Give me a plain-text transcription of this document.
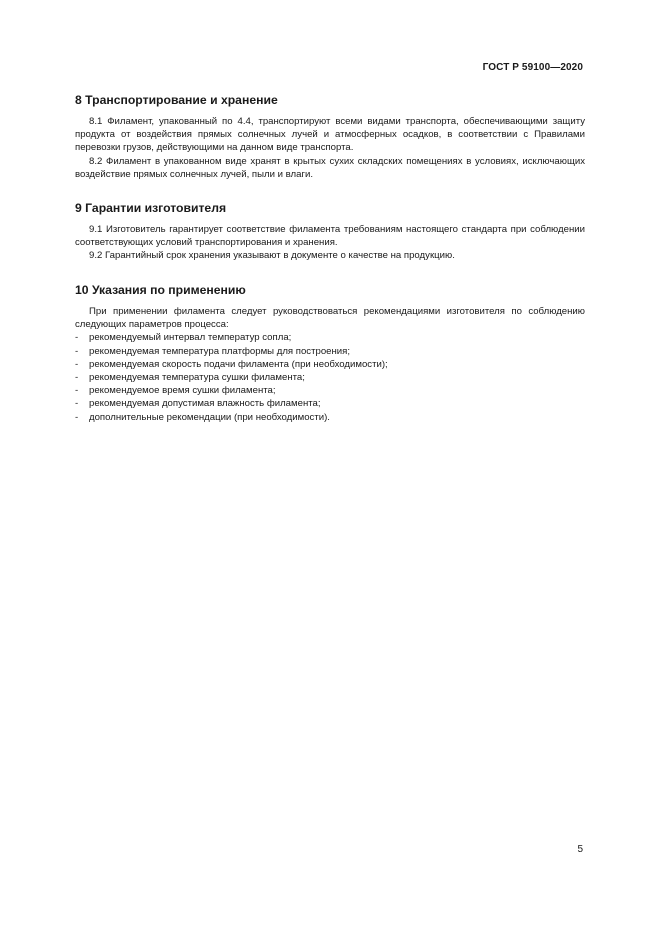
ГОСТ Р 59100—2020
8 Транспортирование и хранение

8.1 Филамент, упакованный по 4.4, транспортируют всеми видами транспорта, обеспечивающими защиту продукта от воздействия прямых солнечных лучей и атмосферных осадков, в соответствии с Правилами перевозки грузов, действующими на данном виде транспорта.

8.2 Филамент в упакованном виде хранят в крытых сухих складских помещениях в условиях, исключающих воздействие прямых солнечных лучей, пыли и влаги.

9 Гарантии изготовителя

9.1 Изготовитель гарантирует соответствие филамента требованиям настоящего стандарта при соблюдении соответствующих условий транспортирования и хранения.

9.2 Гарантийный срок хранения указывают в документе о качестве на продукцию.

10 Указания по применению

При применении филамента следует руководствоваться рекомендациями изготовителя по соблюдению следующих параметров процесса:

- рекомендуемый интервал температур сопла;
- рекомендуемая температура платформы для построения;
- рекомендуемая скорость подачи филамента (при необходимости);
- рекомендуемая температура сушки филамента;
- рекомендуемое время сушки филамента;
- рекомендуемая допустимая влажность филамента;
- дополнительные рекомендации (при необходимости).
5
